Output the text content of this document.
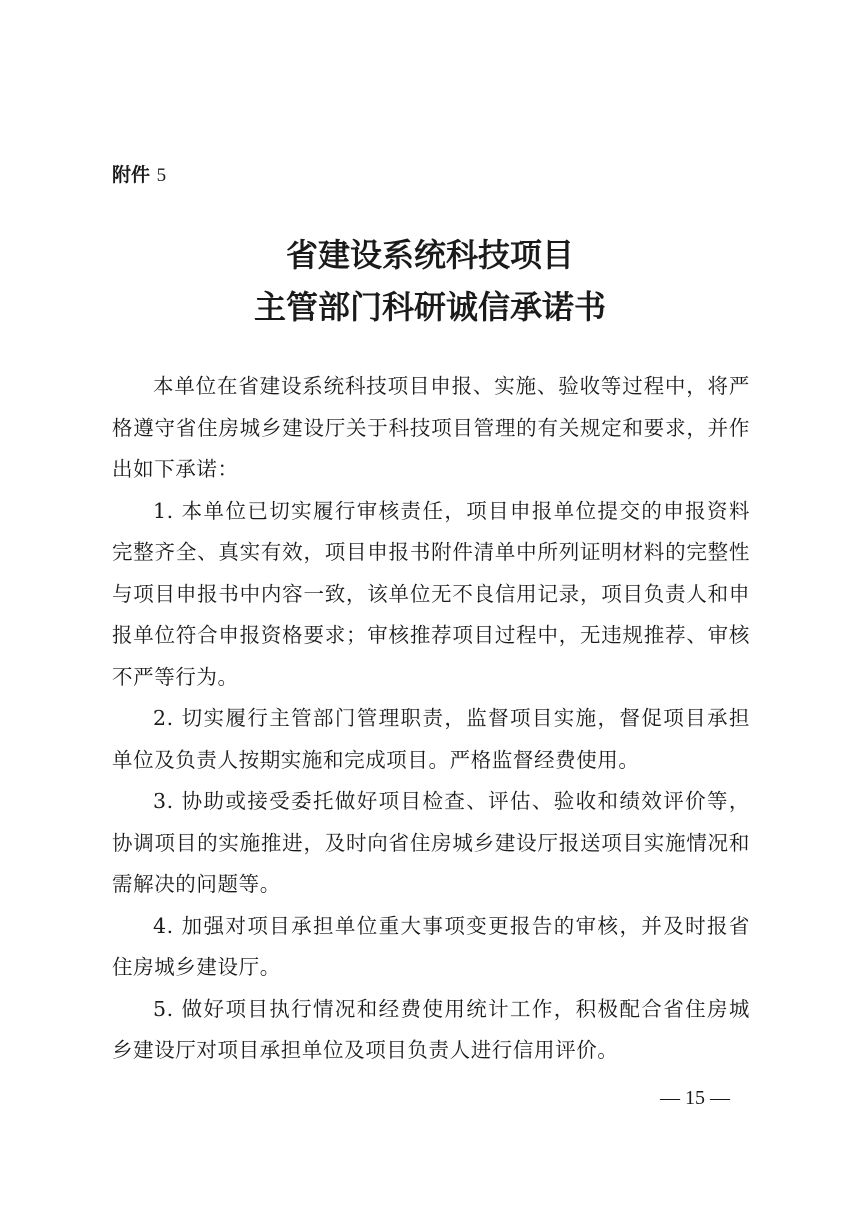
附件 5
省建设系统科技项目
主管部门科研诚信承诺书

本单位在省建设系统科技项目申报、实施、验收等过程中，将严格遵守省住房城乡建设厅关于科技项目管理的有关规定和要求，并作出如下承诺：

1. 本单位已切实履行审核责任，项目申报单位提交的申报资料完整齐全、真实有效，项目申报书附件清单中所列证明材料的完整性与项目申报书中内容一致，该单位无不良信用记录，项目负责人和申报单位符合申报资格要求；审核推荐项目过程中，无违规推荐、审核不严等行为。

2. 切实履行主管部门管理职责，监督项目实施，督促项目承担单位及负责人按期实施和完成项目。严格监督经费使用。

3. 协助或接受委托做好项目检查、评估、验收和绩效评价等，协调项目的实施推进，及时向省住房城乡建设厅报送项目实施情况和需解决的问题等。

4. 加强对项目承担单位重大事项变更报告的审核，并及时报省住房城乡建设厅。

5. 做好项目执行情况和经费使用统计工作，积极配合省住房城乡建设厅对项目承担单位及项目负责人进行信用评价。

— 15 —
